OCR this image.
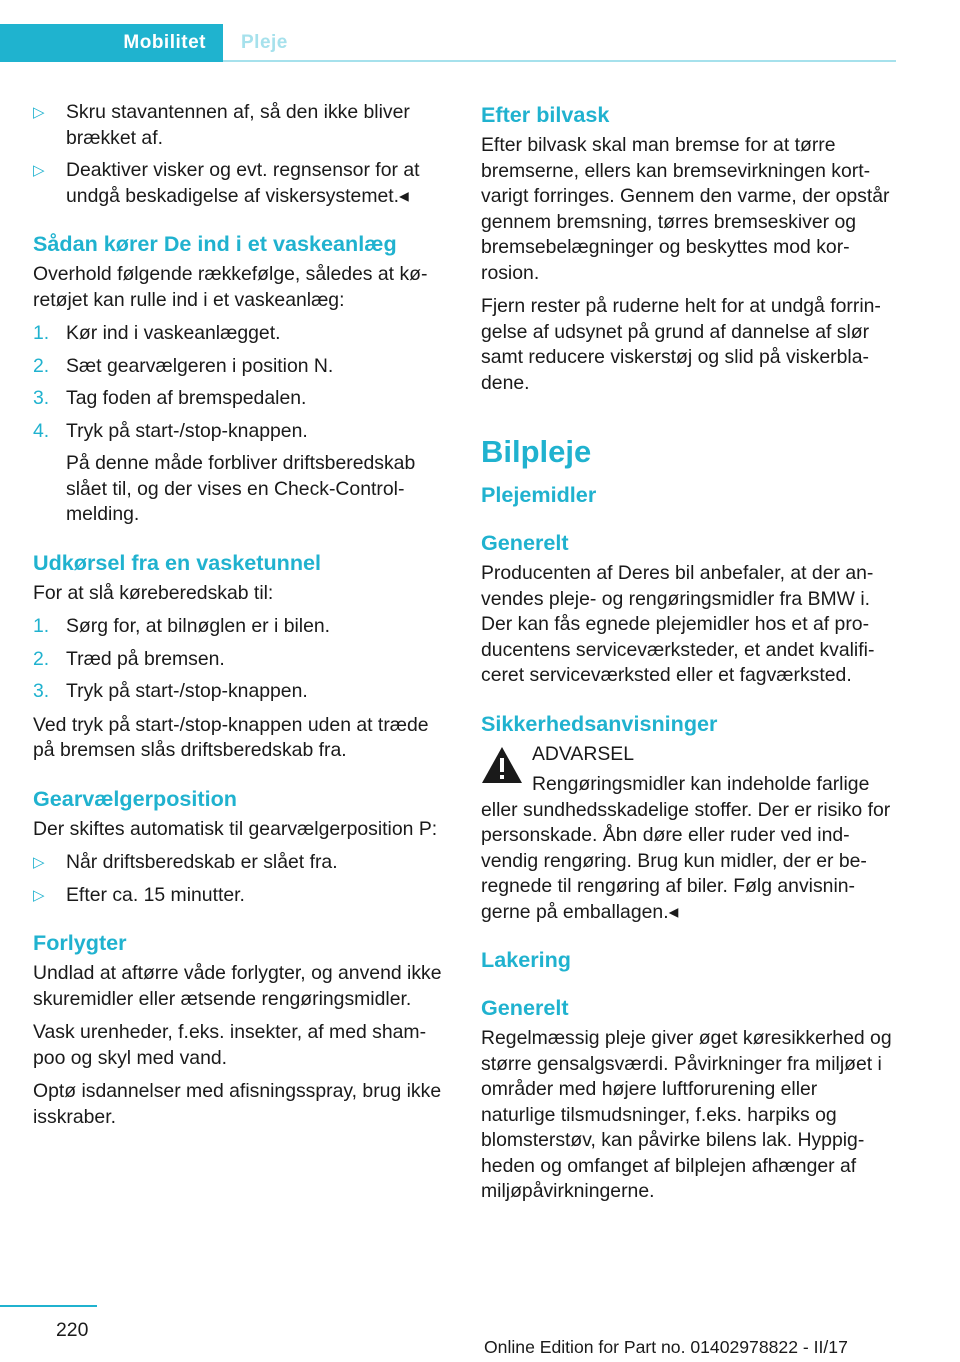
Mobilitet	Pleje
▷ Skru stavantennen af, så den ikke bliver brækket af.
▷ Deaktiver visker og evt. regnsensor for at undgå beskadigelse af viskersystemet.◂
Sådan kører De ind i et vaskeanlæg

Overhold følgende rækkefølge, således at køretøjet kan rulle ind i et vaskeanlæg:

1. Kør ind i vaskeanlægget.
2. Sæt gearvælgeren i position N.
3. Tag foden af bremspedalen.
4. Tryk på start-/stop-knappen.
På denne måde forbliver driftsberedskab slået til, og der vises en Check-Control-melding.
Udkørsel fra en vasketunnel

For at slå køreberedskab til:

1. Sørg for, at bilnøglen er i bilen.
2. Træd på bremsen.
3. Tryk på start-/stop-knappen.

Ved tryk på start-/stop-knappen uden at træde på bremsen slås driftsberedskab fra.

Gearvælgerposition

Der skiftes automatisk til gearvælgerposition P:

▷ Når driftsberedskab er slået fra.
▷ Efter ca. 15 minutter.
Forlygter

Undlad at aftørre våde forlygter, og anvend ikke skuremidler eller ætsende rengøringsmidler.

Vask urenheder, f.eks. insekter, af med shampoo og skyl med vand.

Optø isdannelser med afisningsspray, brug ikke isskraber.

Efter bilvask

Efter bilvask skal man bremse for at tørre bremserne, ellers kan bremsevirkningen kortvarigt forringes. Gennem den varme, der opstår gennem bremsning, tørres bremseskiver og bremsebelægninger og beskyttes mod korrosion.

Fjern rester på ruderne helt for at undgå forringelse af udsynet på grund af dannelse af slør samt reducere viskerstøj og slid på viskerbladene.

Bilpleje
Plejemidler
Generelt

Producenten af Deres bil anbefaler, at der anvendes pleje- og rengøringsmidler fra BMW i. Der kan fås egnede plejemidler hos et af producentens serviceværksteder, et andet kvalificeret serviceværksted eller et fagværksted.

Sikkerhedsanvisninger

ADVARSEL

Rengøringsmidler kan indeholde farlige eller sundhedsskadelige stoffer. Der er risiko for personskade. Åbn døre eller ruder ved indvendig rengøring. Brug kun midler, der er beregnede til rengøring af biler. Følg anvisningerne på emballagen.◂

Lakering
Generelt

Regelmæssig pleje giver øget køresikkerhed og større gensalgsværdi. Påvirkninger fra miljøet i områder med højere luftforurening eller naturlige tilsmudsninger, f.eks. harpiks og blomsterstøv, kan påvirke bilens lak. Hyppigheden og omfanget af bilplejen afhænger af miljøpåvirkningerne.

220
Online Edition for Part no. 01402978822 - II/17
